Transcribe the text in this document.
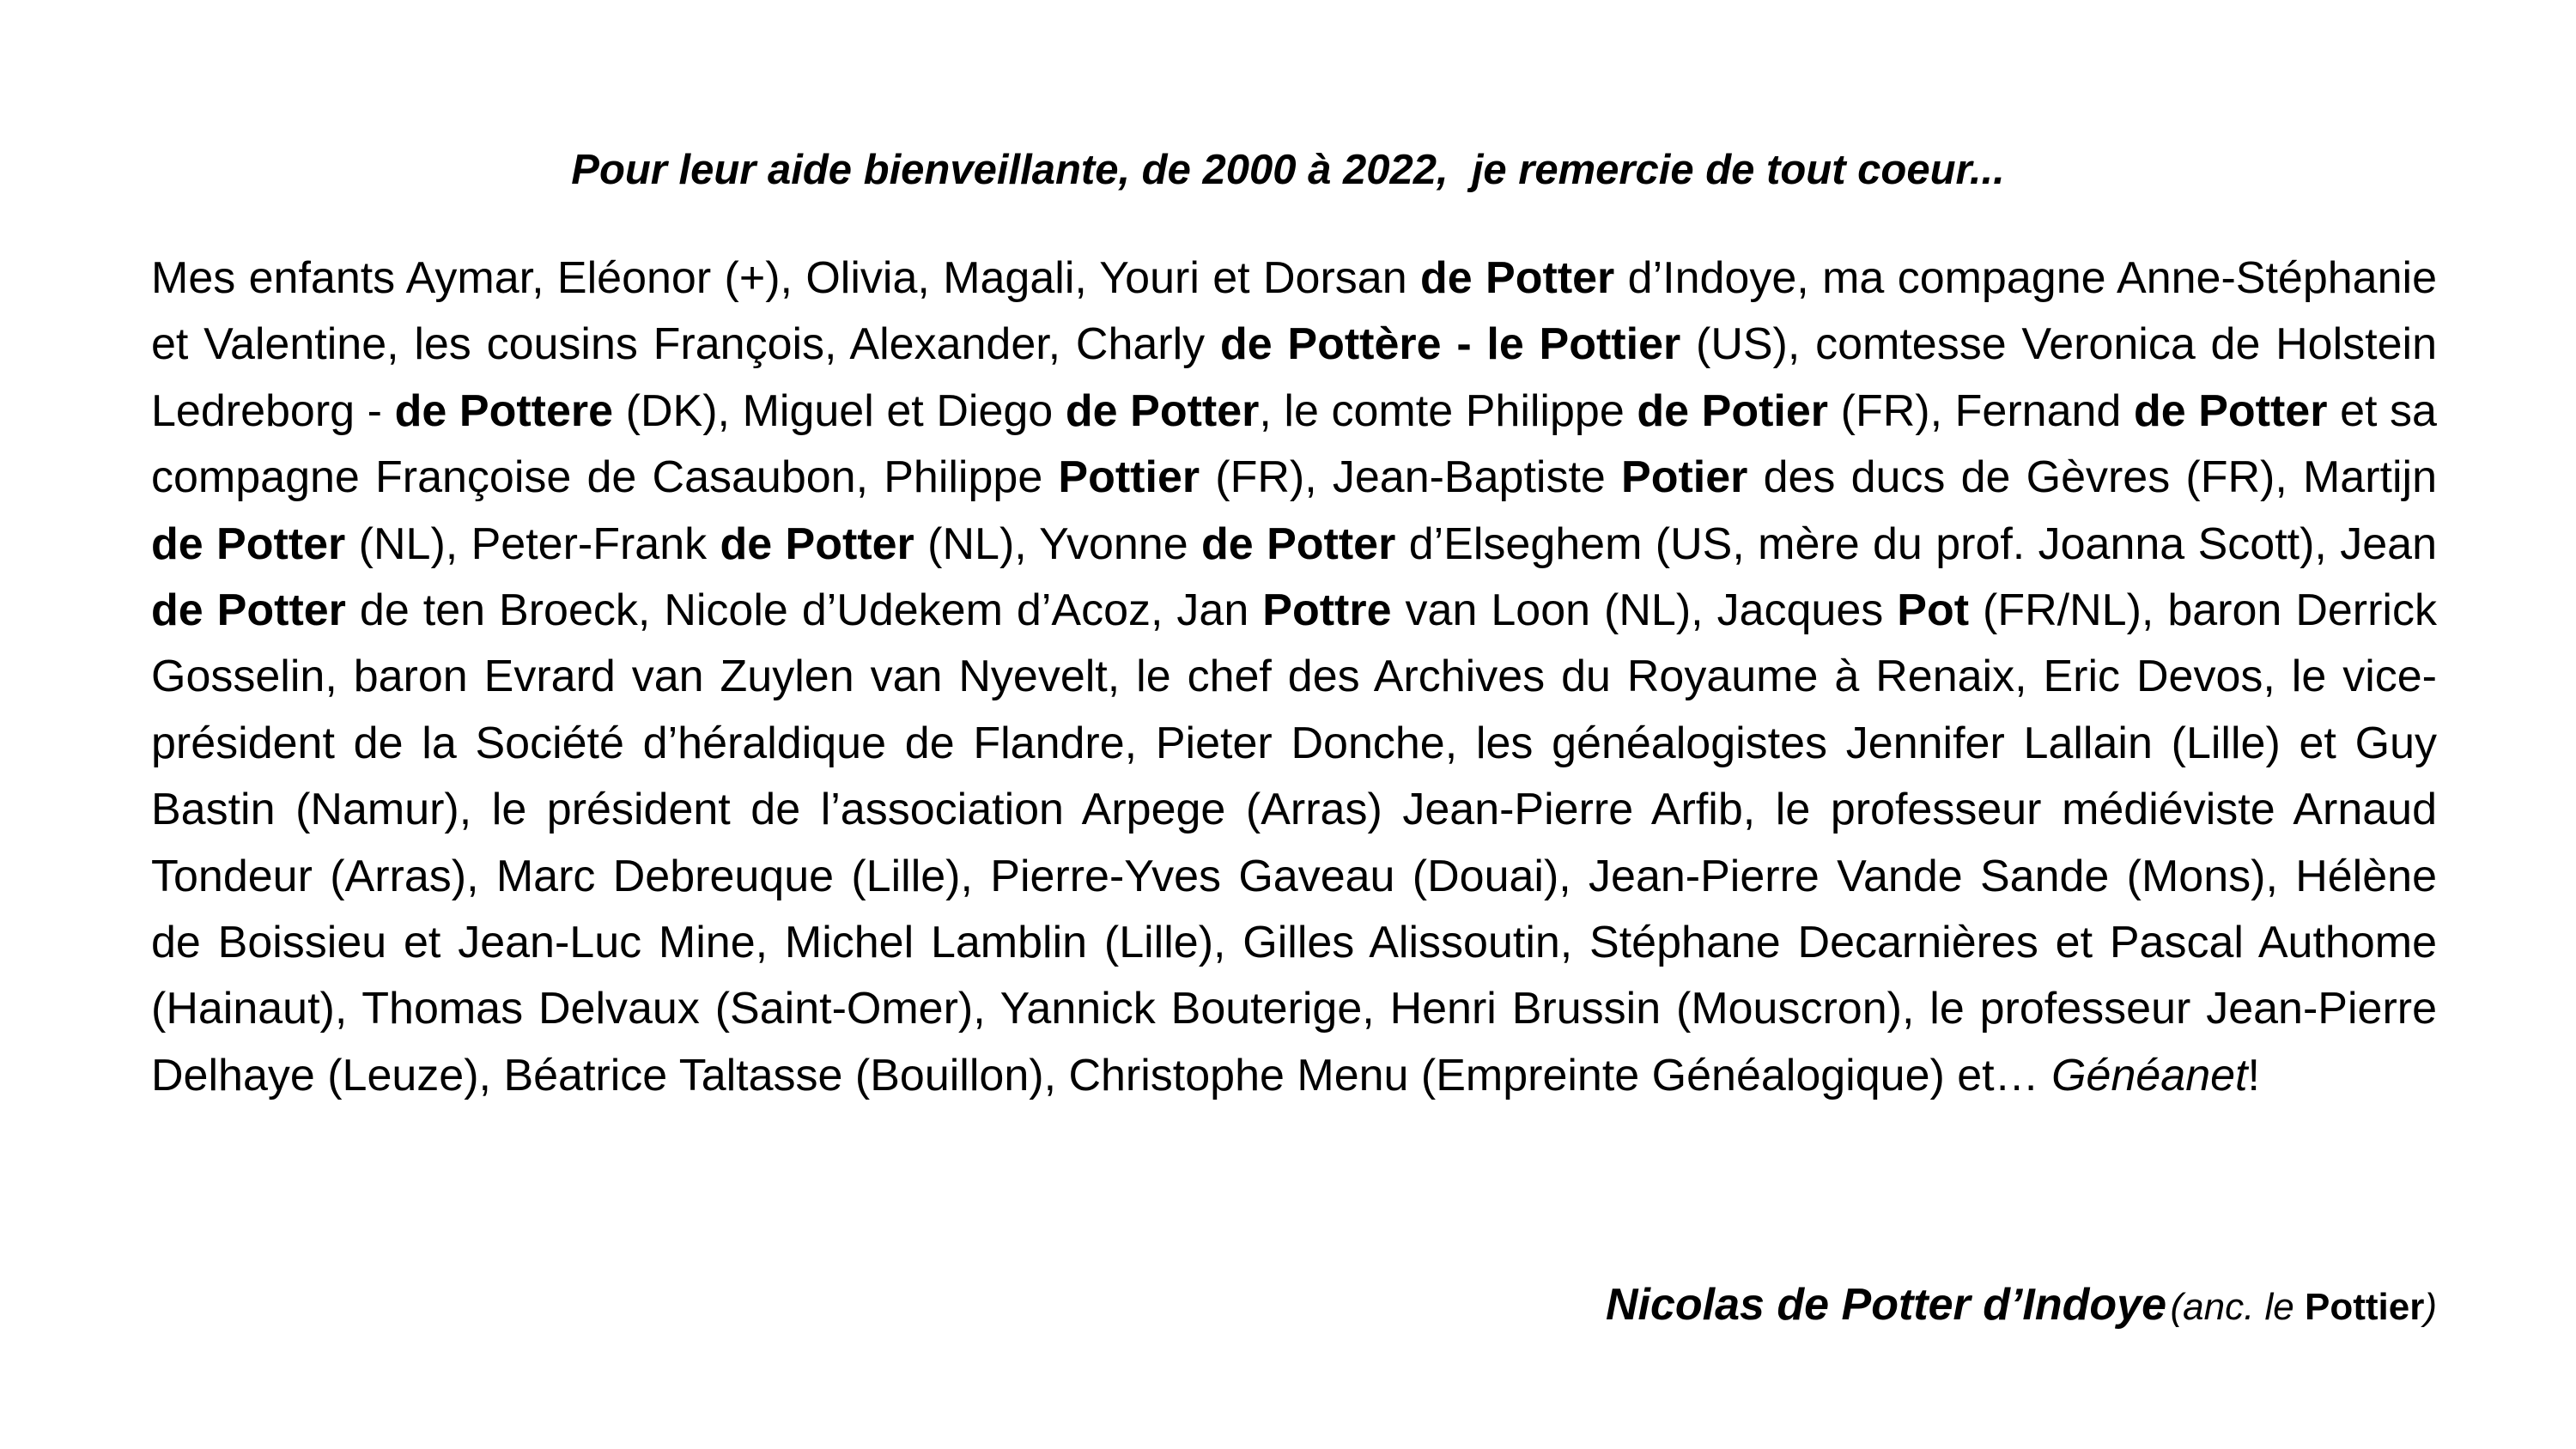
Pour leur aide bienveillante, de 2000 à 2022,  je remercie de tout coeur...
Mes enfants Aymar, Eléonor (+), Olivia, Magali, Youri et Dorsan de Potter d’Indoye, ma compagne Anne-Stéphanie et Valentine, les cousins François, Alexander, Charly de Pottère - le Pottier (US), comtesse Veronica de Holstein Ledreborg - de Pottere (DK), Miguel et Diego de Potter, le comte Philippe de Potier (FR), Fernand de Potter et sa compagne Françoise de Casaubon, Philippe Pottier (FR), Jean-Baptiste Potier des ducs de Gèvres (FR), Martijn de Potter (NL), Peter-Frank de Potter (NL), Yvonne de Potter d’Elseghem (US, mère du prof. Joanna Scott), Jean de Potter de ten Broeck, Nicole d’Udekem d’Acoz, Jan Pottre van Loon (NL), Jacques Pot (FR/NL), baron Derrick Gosselin, baron Evrard van Zuylen van Nyevelt, le chef des Archives du Royaume à Renaix, Eric Devos, le vice-président de la Société d’héraldique de Flandre, Pieter Donche, les généalogistes Jennifer Lallain (Lille) et Guy Bastin (Namur), le président de l’association Arpege (Arras) Jean-Pierre Arfib, le professeur médiéviste Arnaud Tondeur (Arras), Marc Debreuque (Lille), Pierre-Yves Gaveau (Douai), Jean-Pierre Vande Sande (Mons), Hélène de Boissieu et Jean-Luc Mine, Michel Lamblin (Lille), Gilles Alissoutin, Stéphane Decarnières et Pascal Authome (Hainaut), Thomas Delvaux (Saint-Omer), Yannick Bouterige, Henri Brussin (Mouscron), le professeur Jean-Pierre Delhaye (Leuze), Béatrice Taltasse (Bouillon), Christophe Menu (Empreinte Généalogique) et… Généanet!
Nicolas de Potter d’Indoye (anc. le Pottier)
